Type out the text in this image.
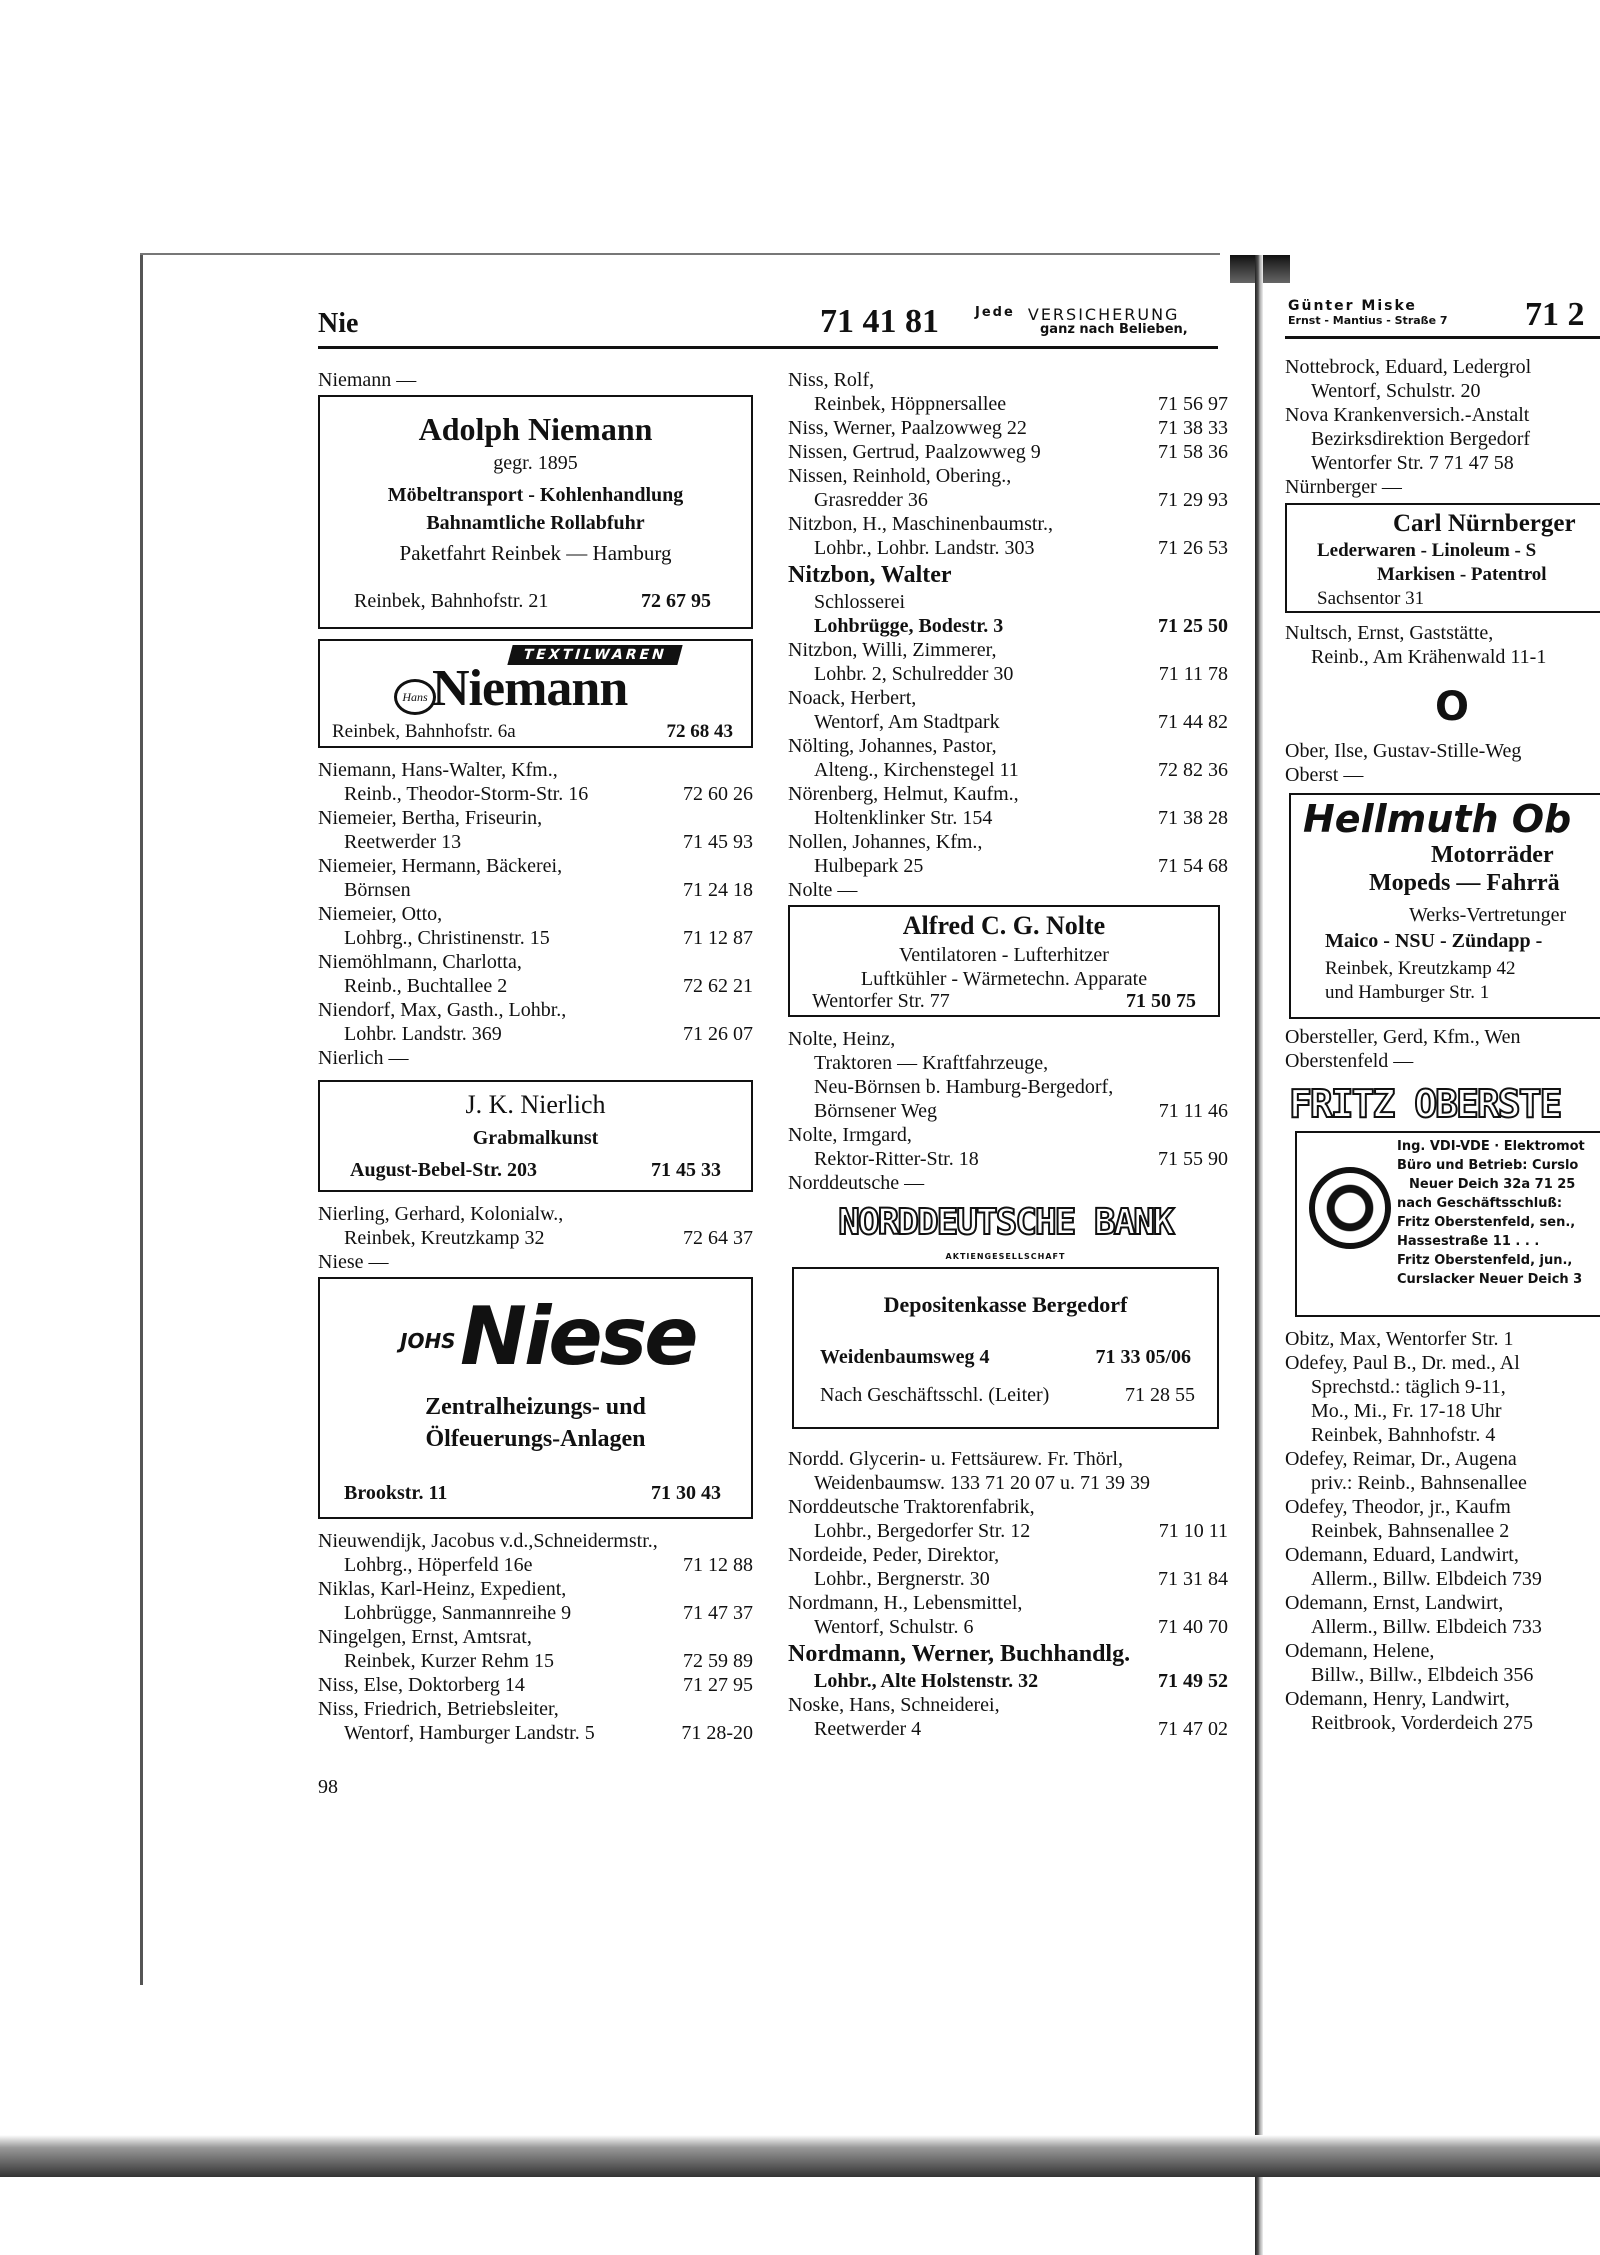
Nie	71 41 81	$^{Jede}$ VERSICHERUNG
ganz nach Belieben,
Günter Miske
Ernst - Mantius - Straße 7 71 2
Niemann —
Adolph Niemann
gegr. 1895
Möbeltransport - Kohlenhandlung
Bahnamtliche Rollabfuhr
Paketfahrt Reinbek — Hamburg
Reinbek, Bahnhofstr. 21	72 67 95
TEXTILWAREN
Hans Niemann
Reinbek, Bahnhofstr. 6a	72 68 43
Niemann, Hans-Walter, Kfm.,
Reinb., Theodor-Storm-Str. 16	72 60 26
Niemeier, Bertha, Friseurin,
Reetwerder 13	71 45 93
Niemeier, Hermann, Bäckerei,
Börnsen	71 24 18
Niemeier, Otto,
Lohbrg., Christinenstr. 15	71 12 87
Niemöhlmann, Charlotta,
Reinb., Buchtallee 2	72 62 21
Niendorf, Max, Gasth., Lohbr.,
Lohbr. Landstr. 369	71 26 07
Nierlich —
J. K. Nierlich
Grabmalkunst
August-Bebel-Str. 203	71 45 33
Nierling, Gerhard, Kolonialw.,
Reinbek, Kreutzkamp 32	72 64 37
Niese —
JOHS Niese
Zentralheizungs- und
Ölfeuerungs-Anlagen
Brookstr. 11	71 30 43
Nieuwendijk, Jacobus v.d.,Schneidermstr.,
Lohbrg., Höperfeld 16e	71 12 88
Niklas, Karl-Heinz, Expedient,
Lohbrügge, Sanmannreihe 9	71 47 37
Ningelgen, Ernst, Amtsrat,
Reinbek, Kurzer Rehm 15	72 59 89
Niss, Else, Doktorberg 14	71 27 95
Niss, Friedrich, Betriebsleiter,
Wentorf, Hamburger Landstr. 5	71 28-20
98
Niss, Rolf,
Reinbek, Höppnersallee	71 56 97
Niss, Werner, Paalzowweg 22	71 38 33
Nissen, Gertrud, Paalzowweg 9	71 58 36
Nissen, Reinhold, Obering.,
Grasredder 36	71 29 93
Nitzbon, H., Maschinenbaumstr.,
Lohbr., Lohbr. Landstr. 303	71 26 53
Nitzbon, Walter
Schlosserei
Lohbrügge, Bodestr. 3	71 25 50
Nitzbon, Willi, Zimmerer,
Lohbr. 2, Schulredder 30	71 11 78
Noack, Herbert,
Wentorf, Am Stadtpark	71 44 82
Nölting, Johannes, Pastor,
Alteng., Kirchenstegel 11	72 82 36
Nörenberg, Helmut, Kaufm.,
Holtenklinker Str. 154	71 38 28
Nollen, Johannes, Kfm.,
Hulbepark 25	71 54 68
Nolte —
Alfred C. G. Nolte
Ventilatoren - Lufterhitzer
Luftkühler - Wärmetechn. Apparate
Wentorfer Str. 77	71 50 75
Nolte, Heinz,
Traktoren — Kraftfahrzeuge,
Neu-Börnsen b. Hamburg-Bergedorf,
Börnsener Weg	71 11 46
Nolte, Irmgard,
Rektor-Ritter-Str. 18	71 55 90
Norddeutsche —
NORDDEUTSCHE BANK
AKTIENGESELLSCHAFT
Depositenkasse Bergedorf
Weidenbaumsweg 4	71 33 05/06
Nach Geschäftsschl. (Leiter)	71 28 55
Nordd. Glycerin- u. Fettsäurew. Fr. Thörl,
Weidenbaumsw. 133 71 20 07 u. 71 39 39
Norddeutsche Traktorenfabrik,
Lohbr., Bergedorfer Str. 12	71 10 11
Nordeide, Peder, Direktor,
Lohbr., Bergnerstr. 30	71 31 84
Nordmann, H., Lebensmittel,
Wentorf, Schulstr. 6	71 40 70
Nordmann, Werner, Buchhandlg.
Lohbr., Alte Holstenstr. 32	71 49 52
Noske, Hans, Schneiderei,
Reetwerder 4	71 47 02
Nottebrock, Eduard, Ledergrol
Wentorf, Schulstr. 20
Nova Krankenversich.-Anstalt
Bezirksdirektion Bergedorf
Wentorfer Str. 7 71 47 58
Nürnberger —
Carl Nürnberger
Lederwaren - Linoleum - S
Markisen - Patentrol
Sachsentor 31
Nultsch, Ernst, Gaststätte,
Reinb., Am Krähenwald 11-1
O
Ober, Ilse, Gustav-Stille-Weg
Oberst —
Hellmuth Ob
Motorräder
Mopeds — Fahrrä
Werks-Vertretunger
Maico - NSU - Zündapp -
Reinbek, Kreutzkamp 42
und Hamburger Str. 1
Obersteller, Gerd, Kfm., Wen
Oberstenfeld —
FRITZ OBERSTE
Ing. VDI-VDE · Elektromot
Büro und Betrieb: Curslo
Neuer Deich 32a 71 25
nach Geschäftsschluß:
Fritz Oberstenfeld, sen.,
Hassestraße 11 . . .
Fritz Oberstenfeld, jun.,
Curslacker Neuer Deich 3
Obitz, Max, Wentorfer Str. 1
Odefey, Paul B., Dr. med., Al
Sprechstd.: täglich 9-11,
Mo., Mi., Fr. 17-18 Uhr
Reinbek, Bahnhofstr. 4
Odefey, Reimar, Dr., Augena
priv.: Reinb., Bahnsenallee
Odefey, Theodor, jr., Kaufm
Reinbek, Bahnsenallee 2
Odemann, Eduard, Landwirt,
Allerm., Billw. Elbdeich 739
Odemann, Ernst, Landwirt,
Allerm., Billw. Elbdeich 733
Odemann, Helene,
Billw., Billw., Elbdeich 356
Odemann, Henry, Landwirt,
Reitbrook, Vorderdeich 275
